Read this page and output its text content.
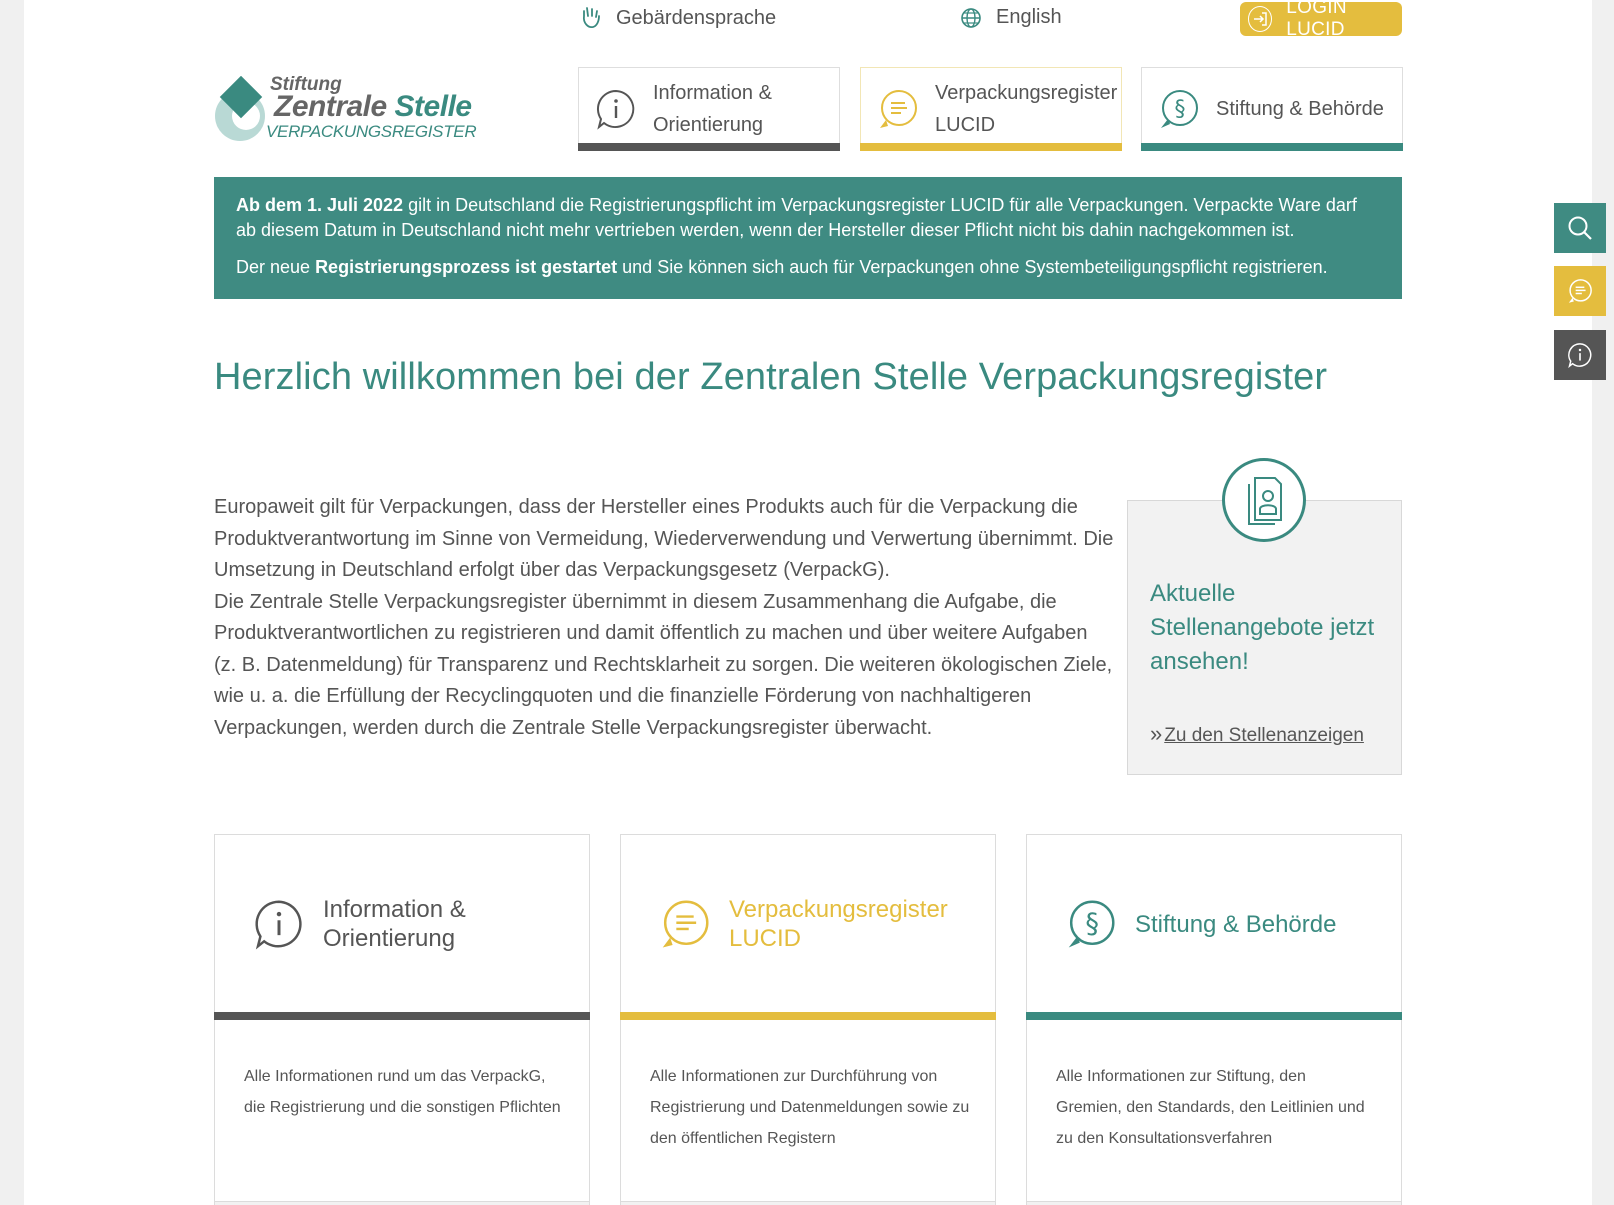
Gebärdensprache	English	LOGIN LUCID
Stiftung
Zentrale Stelle
VERPACKUNGSREGISTER
Information &
Orientierung
Verpackungsregister
LUCID
§ Stiftung & Behörde

Ab dem 1. Juli 2022 gilt in Deutschland die Registrierungspflicht im Verpackungsregister LUCID für alle Verpackungen. Verpackte Ware darf ab diesem Datum in Deutschland nicht mehr vertrieben werden, wenn der Hersteller dieser Pflicht nicht bis dahin nachgekommen ist.

Der neue Registrierungsprozess ist gestartet und Sie können sich auch für Verpackungen ohne Systembeteiligungspflicht registrieren.

Herzlich willkommen bei der Zentralen Stelle Verpackungsregister

Europaweit gilt für Verpackungen, dass der Hersteller eines Produkts auch für die Verpackung die Produktverantwortung im Sinne von Vermeidung, Wiederverwendung und Verwertung übernimmt. Die Umsetzung in Deutschland erfolgt über das Verpackungsgesetz (VerpackG).

Die Zentrale Stelle Verpackungsregister übernimmt in diesem Zusammenhang die Aufgabe, die Produktverantwortlichen zu registrieren und damit öffentlich zu machen und über weitere Aufgaben (z. B. Datenmeldung) für Transparenz und Rechtsklarheit zu sorgen. Die weiteren ökologischen Ziele, wie u. a. die Erfüllung der Recyclingquoten und die finanzielle Förderung von nachhaltigeren Verpackungen, werden durch die Zentrale Stelle Verpackungsregister überwacht.

Aktuelle Stellenangebote jetzt ansehen!
» Zu den Stellenanzeigen
Information &
Orientierung
Alle Informationen rund um das VerpackG, die Registrierung und die sonstigen Pflichten
Verpackungsregister
LUCID
Alle Informationen zur Durchführung von Registrierung und Datenmeldungen sowie zu den öffentlichen Registern
§ Stiftung & Behörde
Alle Informationen zur Stiftung, den Gremien, den Standards, den Leitlinien und zu den Konsultationsverfahren
